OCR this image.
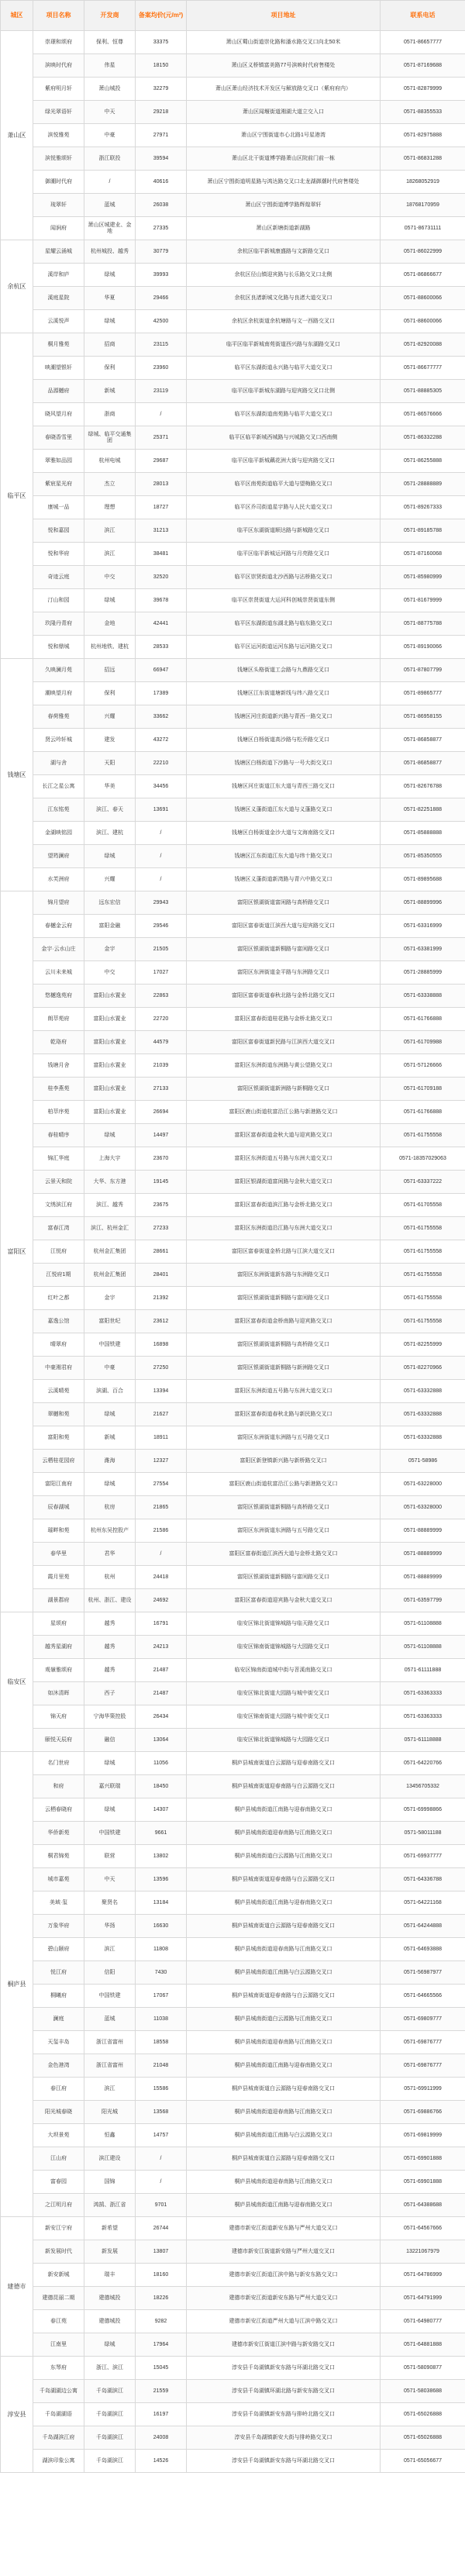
城区	项目名称	开发商	备案均价(元/m²)	项目地址	联系电话
萧山区	崇璟和颂府	保利、恒尊	33375	萧山区蜀山街道崇化路和潘水路交叉口向北50米	0571-86657777
	滨映时代府	伟星	18150	萧山区义桥镇富美路77号滨映时代府售楼处	0571-87169688
	紫府明月轩	萧山城投	32279	萧山区萧山经济技术开发区与解放路交叉口（紫府府内）	0571-82879999
	绿光翠语轩	中天	29218	萧山区闻堰街道湘湖大道立交入口	0571-88355533
	滨悦雅苑	中豪	27971	萧山区宁围街道市心北路1号星港湾	0571-82975888
	滨悦雅颂轩	浙江联投	39594	萧山区北干街道博学路萧山区院前门前一栋	0571-86831288
	御潮时代府	/	40616	萧山区宁围街道明星路与鸿达路交叉口北龙湖御潮时代府售楼处	18268052919
	琉翠轩	蓝城	26038	萧山区宁围街道博学路辉煌翠轩	18768170959
	闻涧府	萧山区城建业、金地	27335	萧山区新塘街道新湖路	0571-86731111
余杭区	星耀云涌城	杭州城投、越秀	30779	余杭区临平新城康盛路与文新路交叉口	0571-86022999
	溪岸和庐	绿城	39993	余杭区径山镇迎宾路与长乐路交叉口北侧	0571-86866677
	溪庭星院	华夏	29466	余杭区良渚新城文化路与良渚大道交叉口	0571-88600066
	云溪悦声	绿城	42500	余杭区余杭街道余杭塘路与文一西路交叉口	0571-88600066
临平区	桐月雅苑	招商	23115	临平区临平新城南苑街道西兴路与东湖路交叉口	0571-82920088
	映潮望银轩	保利	23960	临平区东湖街道永兴路与临平大道交叉口	0571-86677777
	品源樾府	新城	23119	临平区临平新城东湖路与迎宾路交叉口北侧	0571-88885305
	晓风望月府	浙商	/	临平区东湖街道南苑路与临平大道交叉口	0571-86576666
	春晓香雪里	绿城、临平交通集团	25371	临平区临平新城西城路与兴城路交叉口西南侧	0571-86332288
	翠雅如品园	杭州电城	29687	临平区临平新城藕花洲大街与迎宾路交叉口	0571-86255888
	紫宸星光府	杰立	28013	临平区南苑街道临平大道与望梅路交叉口	0571-28888889
	康城一品	理想	18727	临平区乔司街道星宇路与人民大道交叉口	0571-89267333
	悦和嘉园	滨江	31213	临平区东湖街道顺达路与新城路交叉口	0571-89185788
	悦和华府	滨江	38481	临平区临平新城运河路与月亮路交叉口	0571-87160068
	奇迹云庭	中交	32520	临平区崇贤街道北沙西路与沾桥路交叉口	0571-85980999
	汀山和园	绿城	39678	临平区崇贤街道大运河科创城崇贤街道东侧	0571-81679999
	玖隆丹青府	金地	42441	临平区东湖街道东湖北路与临东路交叉口	0571-88775788
	悦和鼎城	杭州地铁、建杭	28533	临平区运河街道运河东路与运河路交叉口	0571-89190066
钱塘区	久映澜月苑	招远	66947	钱塘区头格街道工会路与九鼎路交叉口	0571-87807799
	潮映望月府	保利	17389	钱塘区江东街道塘新线与纬八路交叉口	0571-89865777
	春荷雅苑	兴耀	33662	钱塘区河庄街道新兴路与青西一路交叉口	0571-86958155
	贤云吟轩城	建发	43272	钱塘区白杨街道高沙路与松乔路交叉口	0571-86858877
	湖与舍	天阳	22210	钱塘区白杨街道下沙路与一号大街交叉口	0571-86858877
	长江之星公寓	华美	34456	钱塘区河庄街道江东大道与青西三路交叉口	0571-82676788
	江东铭苑	滨江、春天	13691	钱塘区义蓬街道江东大道与义蓬路交叉口	0571-82251888
	金湖映铭园	滨江、建杭	/	钱塘区白杨街道金沙大道与文海南路交叉口	0571-85888888
	望筠澜府	绿城	/	钱塘区江东街道江东大道与纬十路交叉口	0571-85350555
	水芙洲府	兴耀	/	钱塘区义蓬街道新湾路与青六中路交叉口	0571-89895688
富阳区	锦月望府	远东宏信	29943	富阳区银湖街道富闲路与高桥路交叉口	0571-88899996
	春樾金云府	富阳金融	29546	富阳区富春街道江滨西大道与迎宾路交叉口	0571-63316999
	金宇·云水山庄	金宇	21505	富阳区银湖街道新桐路与富闲路交叉口	0571-63381999
	云川未来城	中交	17027	富阳区东洲街道金平路与东洲路交叉口	0571-28885999
	悠樾逸苑府	富阳山水置业	22863	富阳区富春街道春秋北路与金桥北路交叉口	0571-63338888
	朗萃苑府	富阳山水置业	22720	富阳区富春街道桂花路与金桥北路交叉口	0571-61766888
	乾珞府	富阳山水置业	44579	富阳区富春街道新民路与江滨西大道交叉口	0571-61709988
	钱塘月舍	富阳山水置业	21039	富阳区东洲街道东洲路与黄公望路交叉口	0571-57126666
	桂李燕苑	富阳山水置业	27133	富阳区银湖街道新洲路与新桐路交叉口	0571-61709188
	柏萃序苑	富阳山水置业	26694	富阳区鹿山街道杭富沿江公路与新港路交叉口	0571-61766888
	春桂晴序	绿城	14497	富阳区富春街道金秋大道与迎宾路交叉口	0571-61755558
	锦汇华庭	上海大宇	23670	富阳区东洲街道五号路与东洲大道交叉口	0571-18357029063
	云景天和院	大华、东方港	19145	富阳区银湖街道富闲路与金秋大道交叉口	0571-63337222
	文绣滨江府	滨江、越秀	23675	富阳区富春街道滨江路与金桥北路交叉口	0571-61705558
	富春江湾	滨江、杭州金汇	27233	富阳区东洲街道沿江路与东洲大道交叉口	0571-61755558
	江悦府	杭州金汇集团	28661	富阳区富春街道金桥北路与江滨大道交叉口	0571-61755558
	江悦府1期	杭州金汇集团	28401	富阳区东洲街道新东路与东洲路交叉口	0571-61755558
	红叶之都	金宇	21392	富阳区银湖街道新桐路与富闲路交叉口	0571-61755558
	嘉逸公馆	富阳世纪	23612	富阳区富春街道金桥南路与迎宾路交叉口	0571-61755558
	晴翠府	中国铁建	16898	富阳区银湖街道新桐路与高桥路交叉口	0571-82255999
	中豪湘君府	中豪	27250	富阳区银湖街道新桐路与新洲路交叉口	0571-82270966
	云溪晴苑	滨湖、百合	13394	富阳区东洲街道五号路与东洲大道交叉口	0571-63332888
	翠樾和苑	绿城	21627	富阳区富春街道春秋北路与新民路交叉口	0571-63332888
	富阳和苑	新城	18911	富阳区东洲街道东洲路与五号路交叉口	0571-63332888
	云栖桂花园府	潍海	12327	富阳区新登镇新兴路与新桥路交叉口	0571-58986
	富阳江南府	绿城	27554	富阳区鹿山街道杭富沿江公路与新港路交叉口	0571-63228000
	辰春湖城	杭房	21865	富阳区银湖街道新桐路与高桥路交叉口	0571-63328000
	璀畔和苑	杭州东吴控股产	21586	富阳区东洲街道东洲路与五号路交叉口	0571-88889999
	春华里	君华	/	富阳区富春街道江滨西大道与金桥北路交叉口	0571-88889999
	霞月里苑	杭州	24418	富阳区银湖街道新桐路与富闲路交叉口	0571-88889999
	湖景郡府	杭州、浙江、建设	24692	富阳区富春街道迎宾路与金秋大道交叉口	0571-63597799
临安区	星颂府	越秀	16791	临安区锦北街道锦城路与临天路交叉口	0571-61108888
	越秀星湖府	越秀	24213	临安区锦南街道锦城路与大园路交叉口	0571-61108888
	观嶺雅颂府	越秀	21487	临安区锦南街道城中街与苕溪南路交叉口	0571-61111888
	如沐清晖	西子	21487	临安区锦北街道大园路与城中街交叉口	0571-63363333
	锦天府	宁海华策控股	26434	临安区锦南街道大园路与城中街交叉口	0571-63363333
	颐悦天辰府	融信	13064	临安区锦北街道锦城路与大园路交叉口	0571-61118888
桐庐县	名门世府	绿城	11056	桐庐县城南街道白云源路与迎春南路交叉口	0571-64220766
	和府	嘉兴联瑞	18450	桐庐县城南街道迎春南路与白云源路交叉口	13456705332
	云栖春晓府	绿城	14307	桐庐县城南街道江南路与迎春南路交叉口	0571-69998866
	华侨新苑	中国铁建	9661	桐庐县城南街道迎春南路与江南路交叉口	0571-58011188
	桐君锦苑	联营	13802	桐庐县城南街道白云源路与江南路交叉口	0571-69937777
	城市嘉苑	中天	13596	桐庐县城南街道迎春南路与白云源路交叉口	0571-64336788
	美域·玺	聚贤名	13184	桐庐县城南街道江南路与迎春南路交叉口	0571-64221168
	万象华府	华扬	16630	桐庐县城南街道白云源路与迎春南路交叉口	0571-64244888
	碧山颐府	滨江	11808	桐庐县城南街道迎春南路与江南路交叉口	0571-64693888
	悦江府	信阳	7430	桐庐县城南街道江南路与白云源路交叉口	0571-56987977
	桐曦府	中国铁建	17067	桐庐县城南街道迎春南路与白云源路交叉口	0571-64665566
	澜庭	蓝城	11038	桐庐县城南街道白云源路与江南路交叉口	0571-69809777
	天玺丰岛	浙江省富州	18558	桐庐县城南街道迎春南路与江南路交叉口	0571-69876777
	金色港湾	浙江省富州	21048	桐庐县城南街道江南路与迎春南路交叉口	0571-69876777
	春江府	滨江	15586	桐庐县城南街道白云源路与迎春南路交叉口	0571-69911999
	阳光城春晓	阳光城	13568	桐庐县城南街道迎春南路与江南路交叉口	0571-69886766
	大坝景苑	恒鑫	14757	桐庐县城南街道江南路与白云源路交叉口	0571-69819999
	江山府	滨江建设	/	桐庐县城南街道白云源路与迎春南路交叉口	0571-69901888
	富春园	国锦	/	桐庐县城南街道迎春南路与江南路交叉口	0571-69901888
	之江明月府	鸿鹄、浙江省	9701	桐庐县城南街道江南路与迎春南路交叉口	0571-64388688
建德市	新安江宁府	新希望	26744	建德市新安江街道新安东路与严州大道交叉口	0571-64567666
	新发展时代	新发展	13807	建德市新安江街道新安路与严州大道交叉口	13221067979
	新安新城	瑞丰	18160	建德市新安江街道江滨中路与新安东路交叉口	0571-64786999
	建德昆丽二期	建德城投	18226	建德市新安江街道新安东路与严州大道交叉口	0571-64791999
	春江苑	建德城投	9282	建德市新安江街道严州大道与江滨中路交叉口	0571-64980777
	江南里	绿城	17964	建德市新安江街道江滨中路与新安路交叉口	0571-64881888
淳安县	东琴府	浙江、滨江	15045	淳安县千岛湖镇新安东路与环湖北路交叉口	0571-58090877
	千岛湖湖边公寓	千岛湖滨江	21559	淳安县千岛湖镇环湖北路与新安东路交叉口	0571-58038688
	千岛湖湖语	千岛湖滨江	16197	淳安县千岛湖镇新安东路与排岭北路交叉口	0571-65026888
	千岛湖滨江府	千岛湖滨江	24008	淳安县千岛湖镇新安大街与排岭路交叉口	0571-65026888
	湖滨印象公寓	千岛湖滨江	14526	淳安县千岛湖镇新安东路与环湖北路交叉口	0571-65056677
